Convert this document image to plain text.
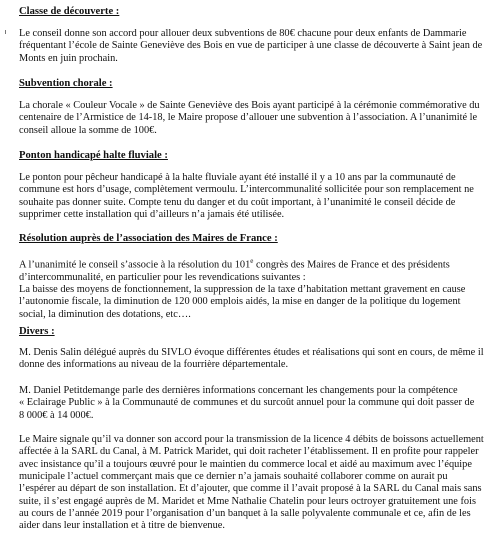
Classe de découverte :

Le conseil donne son accord pour allouer deux subventions de 80€ chacune pour deux enfants de Dammarie
fréquentant l’école de Sainte Geneviève des Bois en vue de participer à une classe de découverte à Saint jean de
Monts en juin prochain.

Subvention chorale :

La chorale « Couleur Vocale » de Sainte Geneviève des Bois ayant participé à la cérémonie commémorative du
centenaire de l’Armistice de 14-18, le Maire propose d’allouer une subvention à l’association. A l’unanimité le
conseil alloue la somme de 100€.

Ponton handicapé halte fluviale :

Le ponton pour pêcheur handicapé à la halte fluviale ayant été installé il y a 10 ans par la communauté de
commune est hors d’usage, complètement vermoulu. L’intercommunalité sollicitée pour son remplacement ne
souhaite pas donner suite. Compte tenu du danger et du coût important, à l’unanimité le conseil décide de
supprimer cette installation qui d’ailleurs n’a jamais été utilisée.

Résolution auprès de l’association des Maires de France :

A l’unanimité le conseil s’associe à la résolution du 101e congrès des Maires de France et des présidents
d’intercommunalité, en particulier pour les revendications suivantes :
La baisse des moyens de fonctionnement, la suppression de la taxe d’habitation mettant gravement en cause
l’autonomie fiscale, la diminution de 120 000 emplois aidés, la mise en danger de la politique du logement
social, la diminution des dotations, etc….

Divers :

M. Denis Salin délégué auprès du SIVLO évoque différentes études et réalisations qui sont en cours, de même il
donne des informations au niveau de la fourrière départementale.

M. Daniel Petitdemange parle des dernières informations concernant les changements pour la compétence
« Eclairage Public » à la Communauté de communes et du surcoût annuel pour la commune qui doit passer de
8 000€ à 14 000€.

Le Maire signale qu’il va donner son accord pour la transmission de la licence 4 débits de boissons actuellement
affectée à la SARL du Canal, à M. Patrick Maridet, qui doit racheter l’établissement. Il en profite pour rappeler
avec insistance qu’il a toujours œuvré pour le maintien du commerce local et aidé au maximum avec l’équipe
municipale l’actuel commerçant mais que ce dernier n’a jamais souhaité collaborer comme on aurait pu
l’espérer au départ de son installation. Et d’ajouter, que comme il l’avait proposé à la SARL du Canal mais sans
suite, il s’est engagé auprès de M. Maridet et Mme Nathalie Chatelin pour leurs octroyer gratuitement une fois
au cours de l’année 2019 pour l’organisation d’un banquet à la salle polyvalente communale et ce, afin de les
aider dans leur installation et à titre de bienvenue.
